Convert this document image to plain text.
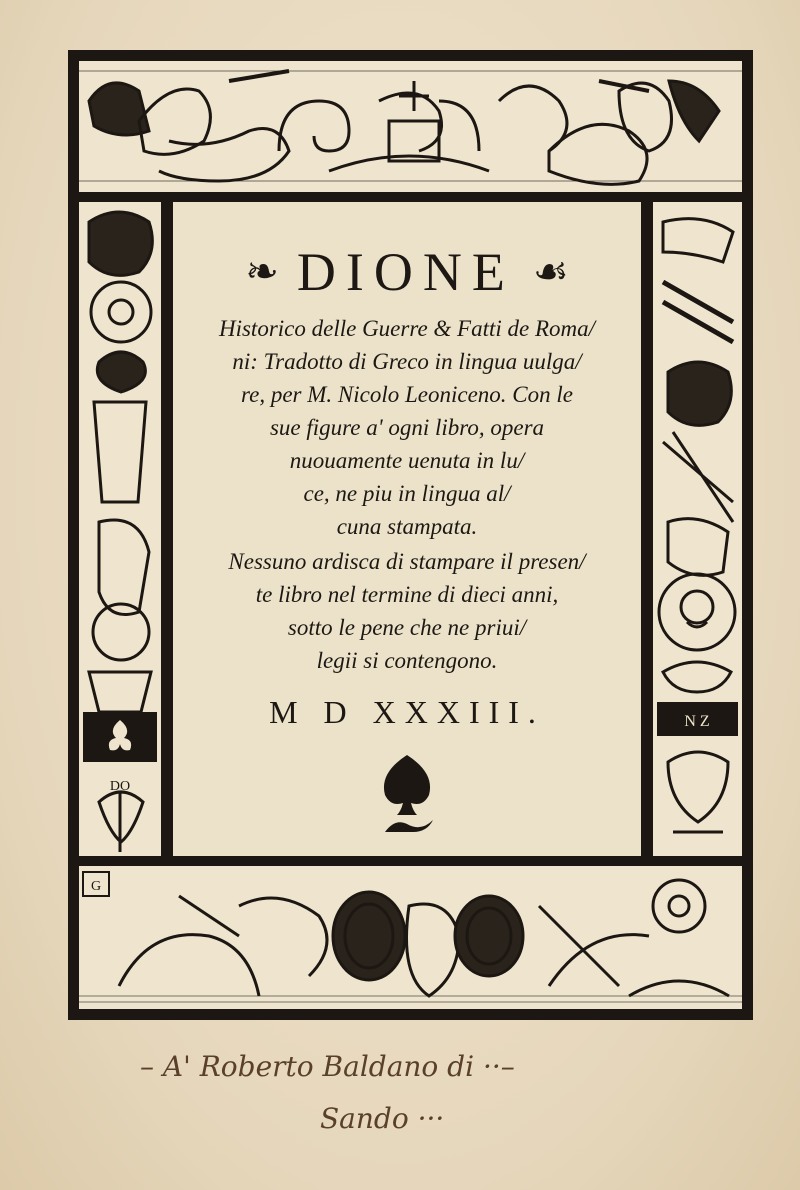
DO
❧ DIONE ☙
Historico delle Guerre & Fatti de Roma/
ni: Tradotto di Greco in lingua uulga/
re, per M. Nicolo Leoniceno. Con le
sue figure a' ogni libro, opera
nuouamente uenuta in lu/
ce, ne piu in lingua al/
cuna stampata.
Nessuno ardisca di stampare il presen/
te libro nel termine di dieci anni,
sotto le pene che ne priui/
legii si contengono.
M D XXXIII.	N Z
G
– A' Roberto Baldano di ··–
Sando ···
